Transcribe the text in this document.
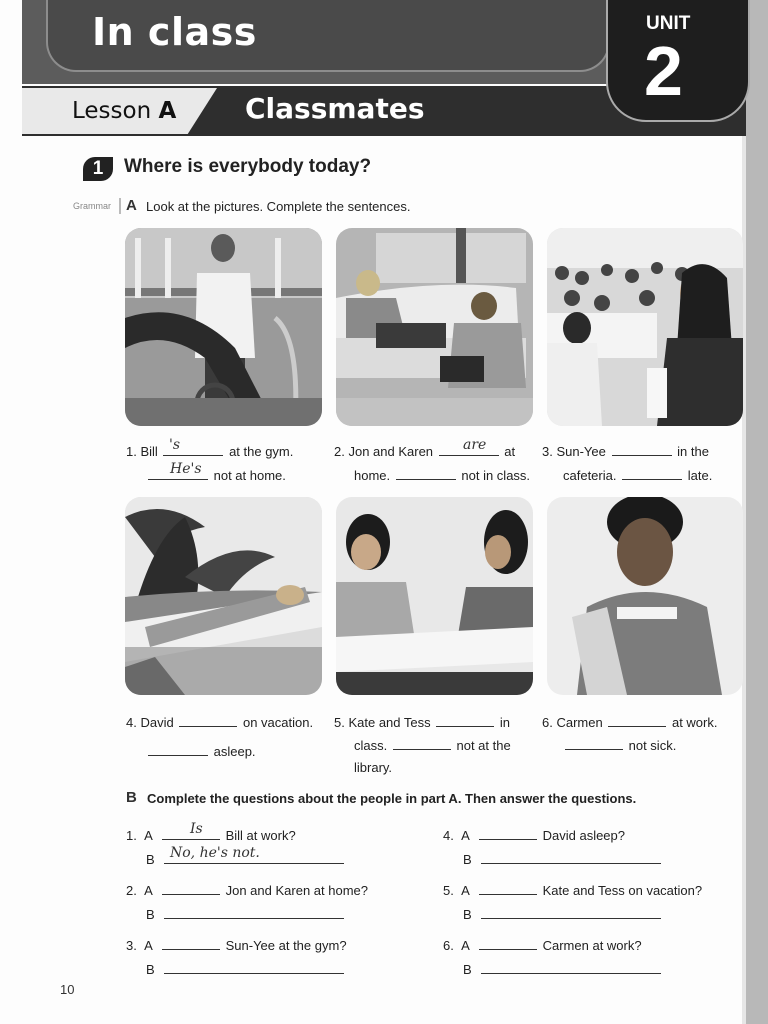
In class
Lesson A Classmates
UNIT
2
1	Where is everybody today?
Grammar A Look at the pictures. Complete the sentences.
1. Bill	at the gym.
's
not at home.
He's
2. Jon and Karen	at
are
home.	not in class.
3. Sun-Yee	in the
cafeteria.	late.
4. David	on vacation.
asleep.
5. Kate and Tess	in
class.	not at the
library.
6. Carmen	at work.
not sick.
B Complete the questions about the people in part A. Then answer the questions.
1. A	Bill at work?
Is
B	No, he's not.
2. A	Jon and Karen at home?
B
3. A	Sun-Yee at the gym?
B
4. A	David asleep?
B
5. A	Kate and Tess on vacation?
B
6. A	Carmen at work?
B
10
